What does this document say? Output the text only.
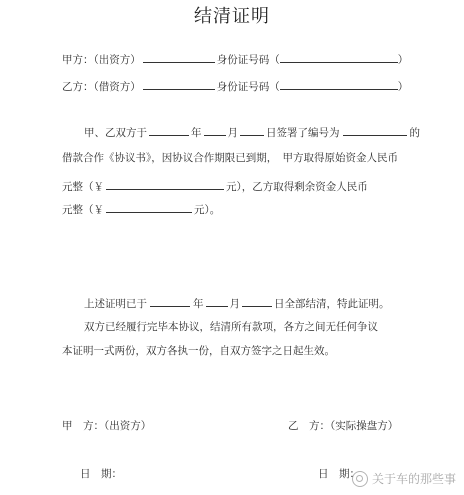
结清证明
甲方：（出资方）	身份证号码（	）
乙方：（借资方）	身份证号码（	）
甲、乙双方于	年 月	日签署了编号为	的
借款合作《协议书》，因协议合作期限已到期，　甲方取得原始资金人民币
元整（￥	元），乙方取得剩余资金人民币
元整（￥	元）。
上述证明已于	年 月	日全部结清，特此证明。
双方已经履行完毕本协议，结清所有款项，各方之间无任何争议
本证明一式两份，双方各执一份，自双方签字之日起生效。
甲　方：（出资方）	乙　方：（实际操盘方）
日　期：	日　期： 关于车的那些事
